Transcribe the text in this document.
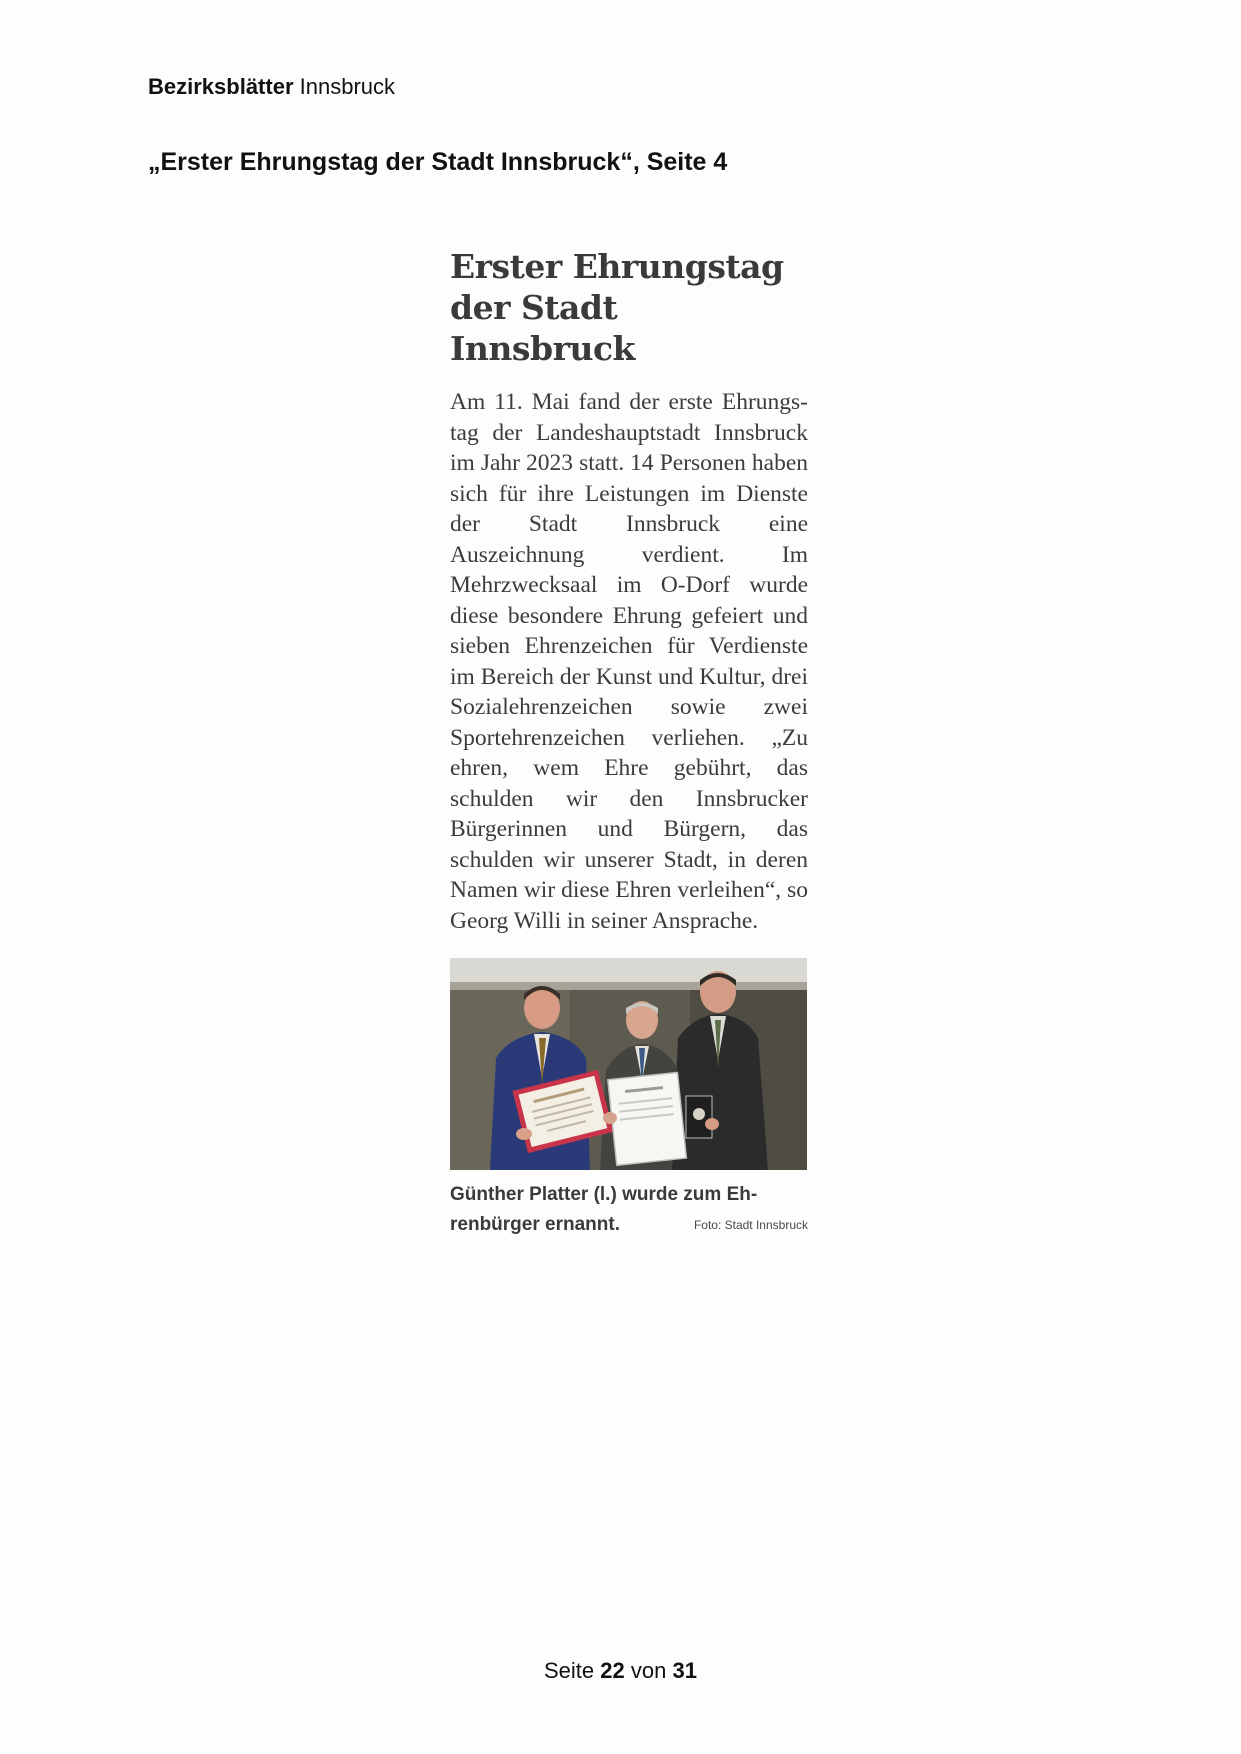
Bezirksblätter Innsbruck
„Erster Ehrungstag der Stadt Innsbruck“, Seite 4
Erster Ehrungstag
der Stadt Innsbruck
Am 11. Mai fand der erste Ehrungstag der Landeshauptstadt Innsbruck im Jahr 2023 statt. 14 Personen haben sich für ihre Leistungen im Dienste der Stadt Innsbruck eine Auszeichnung verdient. Im Mehrzwecksaal im O-Dorf wurde diese besondere Ehrung gefeiert und sieben Ehrenzeichen für Verdienste im Bereich der Kunst und Kultur, drei Sozialehrenzeichen sowie zwei Sportehrenzeichen verliehen. „Zu ehren, wem Ehre gebührt, das schulden wir den Innsbrucker Bürgerinnen und Bürgern, das schulden wir unserer Stadt, in deren Namen wir diese Ehren verleihen“, so Georg Willi in seiner Ansprache.
Günther Platter (l.) wurde zum Ehrenbürger ernannt.	Foto: Stadt Innsbruck
Seite 22 von 31
